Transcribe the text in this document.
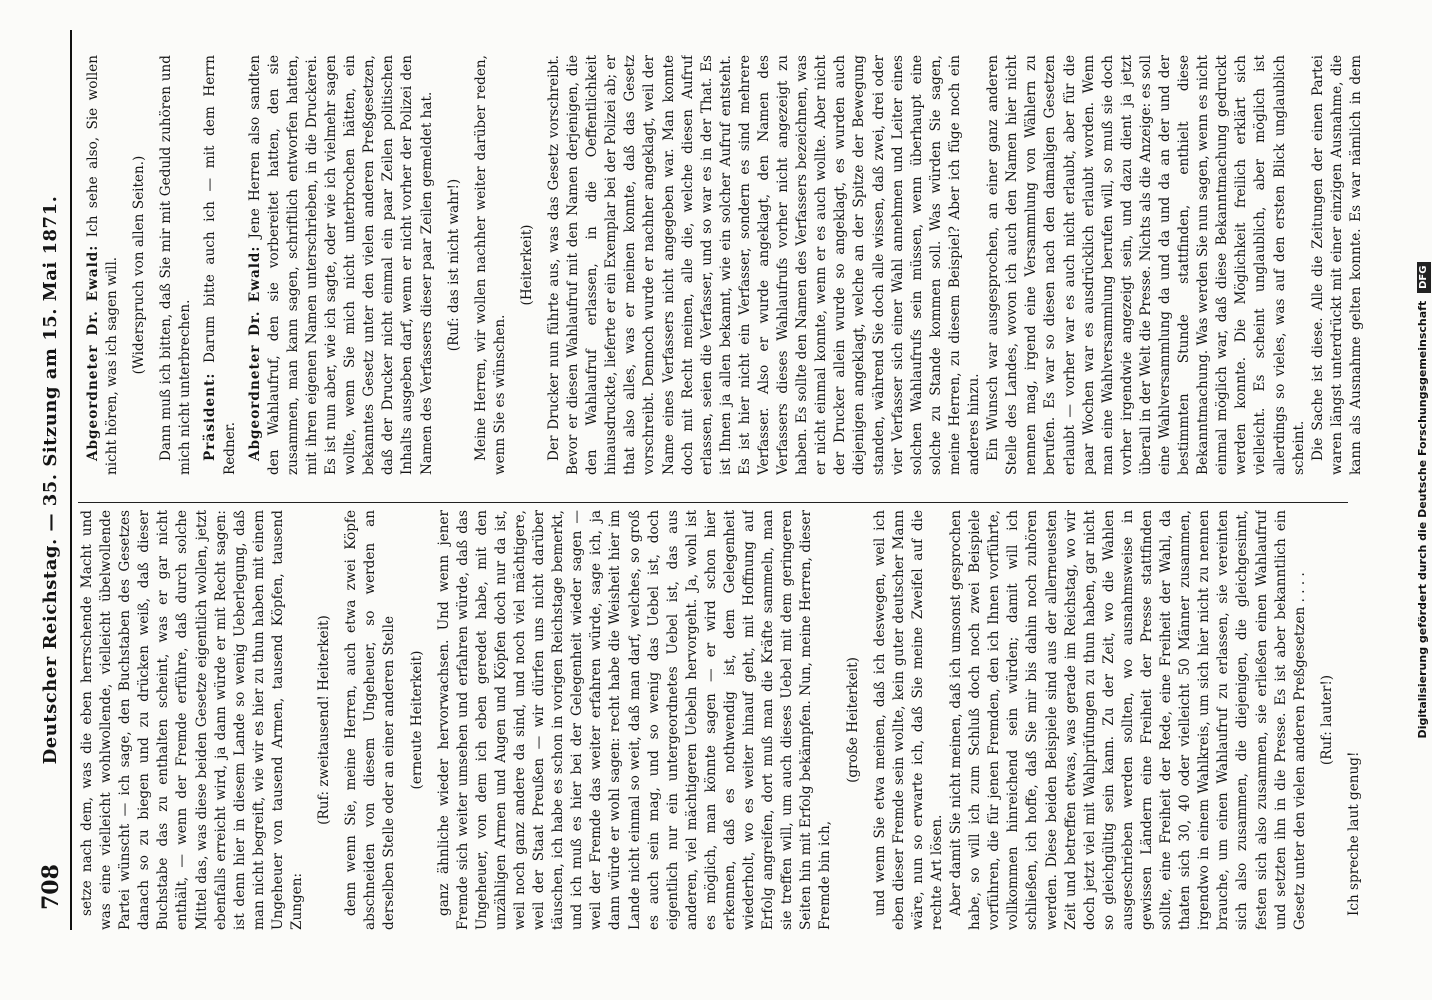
708
Deutscher Reichstag. — 35. Sitzung am 15. Mai 1871. setze nach dem, was die eben herrschende Macht und was eine vielleicht wohlwollende, vielleicht übelwollende Partei wünscht — ich sage, den Buchstaben des Gesetzes danach so zu biegen und zu drücken weiß, daß dieser Buchstabe das zu enthalten scheint, was er gar nicht enthält, — wenn der Fremde erführe, daß durch solche Mittel das, was diese beiden Gesetze eigentlich wollen, jetzt ebenfalls erreicht wird, ja dann würde er mit Recht sagen: ist denn hier in diesem Lande so wenig Ueberlegung, daß man nicht begreift, wie wir es hier zu thun haben mit einem Ungeheuer von tausend Armen, tausend Köpfen, tausend Zungen:

(Ruf: zweitausend! Heiterkeit) denn wenn Sie, meine Herren, auch etwa zwei Köpfe abschneiden von diesem Ungeheuer, so werden an derselben Stelle oder an einer anderen Stelle (erneute Heiterkeit) ganz ähnliche wieder hervorwachsen. Und wenn jener Fremde sich weiter umsehen und erfahren würde, daß das Ungeheuer, von dem ich eben geredet habe, mit den unzähligen Armen und Augen und Köpfen doch nur da ist, weil noch ganz andere da sind, und noch viel mächtigere, weil der Staat Preußen — wir dürfen uns nicht darüber täuschen, ich habe es schon in vorigen Reichstage bemerkt, und ich muß es hier bei der Gelegenheit wieder sagen — weil der Fremde das weiter erfahren würde, sage ich, ja dann würde er wohl sagen: recht habe die Weisheit hier im Lande nicht einmal so weit, daß man darf, welches, so groß es auch sein mag, und so wenig das Uebel ist, doch eigentlich nur ein untergeordnetes Uebel ist, das aus anderen, viel mächtigeren Uebeln hervorgeht. Ja, wohl ist es möglich, man könnte sagen — er wird schon hier erkennen, daß es nothwendig ist, dem Gelegenheit wiederholt, wo es weiter hinauf geht, mit Hoffnung auf Erfolg angreifen, dort muß man die Kräfte sammeln, man sie treffen will, um auch dieses Uebel mit dem geringeren Seiten hin mit Erfolg bekämpfen. Nun, meine Herren, dieser Fremde bin ich,

(große Heiterkeit) und wenn Sie etwa meinen, daß ich deswegen, weil ich eben dieser Fremde sein wollte, kein guter deutscher Mann wäre, nun so erwarte ich, daß Sie meine Zweifel auf die rechte Art lösen. Aber damit Sie nicht meinen, daß ich umsonst gesprochen habe, so will ich zum Schluß doch noch zwei Beispiele vorführen, die für jenen Fremden, den ich Ihnen vorführte, vollkommen hinreichend sein würden; damit will ich schließen, ich hoffe, daß Sie mir bis dahin noch zuhören werden. Diese beiden Beispiele sind aus der allerneuesten Zeit und betreffen etwas, was gerade im Reichstag, wo wir doch jetzt viel mit Wahlprüfungen zu thun haben, gar nicht so gleichgültig sein kann. Zu der Zeit, wo die Wahlen ausgeschrieben werden sollten, wo ausnahmsweise in gewissen Ländern eine Freiheit der Presse stattfinden sollte, eine Freiheit der Rede, eine Freiheit der Wahl, da thaten sich 30, 40 oder vielleicht 50 Männer zusammen, irgendwo in einem Wahlkreis, um sich hier nicht zu nennen brauche, um einen Wahlaufruf zu erlassen, sie vereinten sich also zusammen, die diejenigen, die gleichgesinnt, festen sich also zusammen, sie erließen einen Wahlaufruf und setzten ihn in die Presse. Es ist aber bekanntlich ein Gesetz unter den vielen anderen Preßgesetzen . . . . (Ruf: lauter!)

Ich spreche laut genug!

Abgeordneter Dr. Ewald: Ich sehe also, Sie wollen nicht hören, was ich sagen will. (Widerspruch von allen Seiten.) Dann muß ich bitten, daß Sie mir mit Geduld zuhören und mich nicht unterbrechen. Präsident: Darum bitte auch ich — mit dem Herrn Redner. Abgeordneter Dr. Ewald: Jene Herren also sandten den Wahlaufruf, den sie vorbereitet hatten, den sie zusammen, man kann sagen, schriftlich entworfen hatten, mit ihren eigenen Namen unterschrieben, in die Druckerei. Es ist nun aber, wie ich sagte, oder wie ich vielmehr sagen wollte, wenn Sie mich nicht unterbrochen hätten, ein bekanntes Gesetz unter den vielen anderen Preßgesetzen, daß der Drucker nicht einmal ein paar Zeilen politischen Inhalts ausgeben darf, wenn er nicht vorher der Polizei den Namen des Verfassers dieser paar Zeilen gemeldet hat. (Ruf: das ist nicht wahr!) Meine Herren, wir wollen nachher weiter darüber reden, wenn Sie es wünschen.

(Heiterkeit) Der Drucker nun führte aus, was das Gesetz vorschreibt. Bevor er diesen Wahlaufruf mit den Namen derjenigen, die den Wahlaufruf erlassen, in die Oeffentlichkeit hinausdruckte, lieferte er ein Exemplar bei der Polizei ab; er that also alles, was er meinen konnte, daß das Gesetz vorschreibt. Dennoch wurde er nachher angeklagt, weil der Name eines Verfassers nicht angegeben war. Man konnte doch mit Recht meinen, alle die, welche diesen Aufruf erlassen, seien die Verfasser, und so war es in der That. Es ist Ihnen ja allen bekannt, wie ein solcher Aufruf entsteht. Es ist hier nicht ein Verfasser, sondern es sind mehrere Verfasser. Also er wurde angeklagt, den Namen des Verfassers dieses Wahlaufrufs vorher nicht angezeigt zu haben. Es sollte den Namen des Verfassers bezeichnen, was er nicht einmal konnte, wenn er es auch wollte. Aber nicht der Drucker allein wurde so angeklagt, es wurden auch diejenigen angeklagt, welche an der Spitze der Bewegung standen, während Sie doch alle wissen, daß zwei, drei oder vier Verfasser sich einer Wahl annehmen und Leiter eines solchen Wahlaufrufs sein müssen, wenn überhaupt eine solche zu Stande kommen soll. Was würden Sie sagen, meine Herren, zu diesem Beispiel? Aber ich füge noch ein anderes hinzu. Ein Wunsch war ausgesprochen, an einer ganz anderen Stelle des Landes, wovon ich auch den Namen hier nicht nennen mag, irgend eine Versammlung von Wählern zu berufen. Es war so diesen nach den damaligen Gesetzen erlaubt — vorher war es auch nicht erlaubt, aber für die paar Wochen war es ausdrücklich erlaubt worden. Wenn man eine Wahlversammlung berufen will, so muß sie doch vorher irgendwie angezeigt sein, und dazu dient ja jetzt überall in der Welt die Presse. Nichts als die Anzeige: es soll eine Wahlversammlung da und da und da an der und der bestimmten Stunde stattfinden, enthielt diese Bekanntmachung. Was werden Sie nun sagen, wenn es nicht einmal möglich war, daß diese Bekanntmachung gedruckt werden konnte. Die Möglichkeit freilich erklärt sich vielleicht. Es scheint unglaublich, aber möglich ist allerdings so vieles, was auf den ersten Blick unglaublich scheint. Die Sache ist diese. Alle die Zeitungen der einen Partei waren längst unterdrückt mit einer einzigen Ausnahme, die kann als Ausnahme gelten konnte. Es war nämlich in dem

Digitalisierung gefördert durch die Deutsche Forschungsgemeinschaft DFG
